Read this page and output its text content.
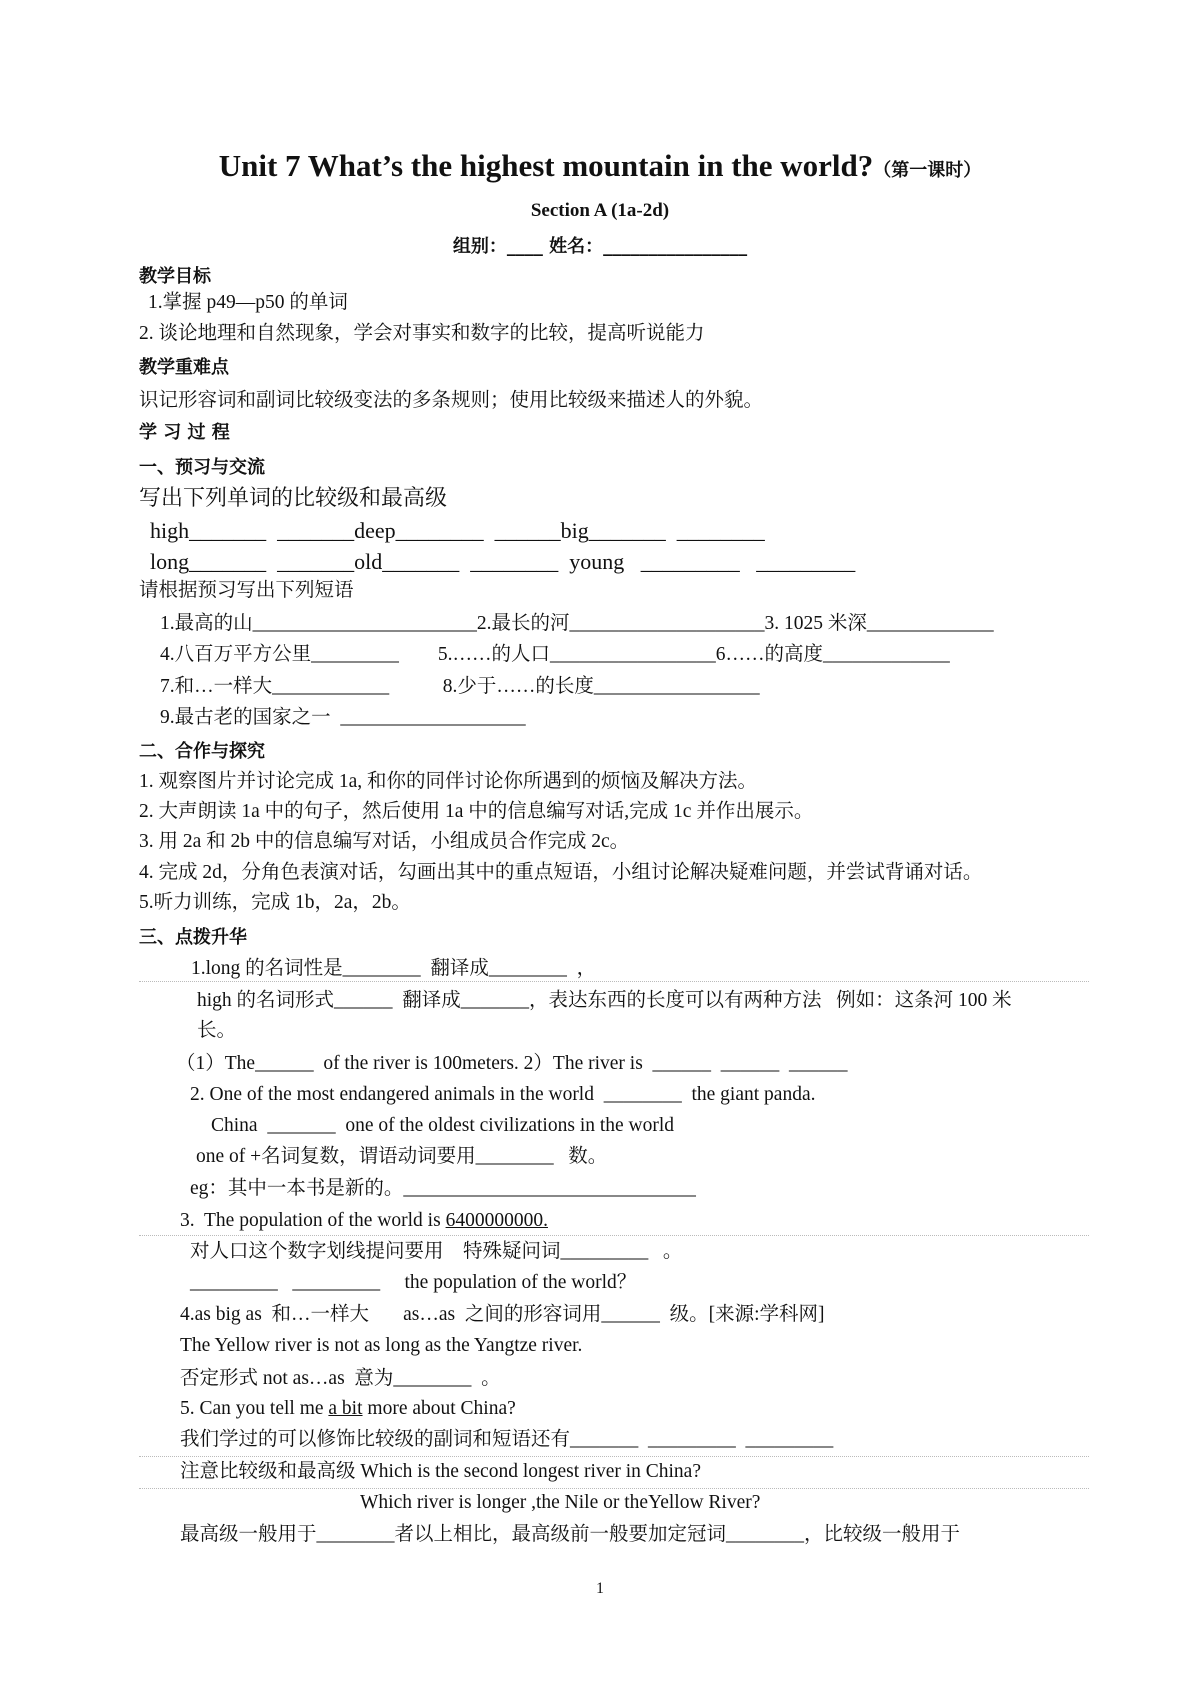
Unit 7 What’s the highest mountain in the world?（第一课时）
Section A (1a-2d)
组别：____ 姓名：________________
教学目标
1.掌握 p49—p50 的单词
2. 谈论地理和自然现象，学会对事实和数字的比较，提高听说能力
教学重难点
识记形容词和副词比较级变法的多条规则；使用比较级来描述人的外貌。
学 习 过 程
一、预习与交流
写出下列单词的比较级和最高级
high_______  _______deep________  ______big_______  ________
long_______  _______old_______  ________  young   _________   _________
请根据预习写出下列短语
1.最高的山_______________________2.最长的河____________________3. 1025 米深_____________
4.八百万平方公里_________        5.……的人口_________________6……的高度_____________
7.和…一样大____________           8.少于……的长度_________________
9.最古老的国家之一  ___________________
二、合作与探究
1. 观察图片并讨论完成 1a, 和你的同伴讨论你所遇到的烦恼及解决方法。
2. 大声朗读 1a 中的句子，然后使用 1a 中的信息编写对话,完成 1c 并作出展示。
3. 用 2a 和 2b 中的信息编写对话，小组成员合作完成 2c。
4. 完成 2d，分角色表演对话，勾画出其中的重点短语，小组讨论解决疑难问题，并尝试背诵对话。
5.听力训练，完成 1b，2a，2b。
三、点拨升华
1.long 的名词性是________  翻译成________  ，
high 的名词形式______  翻译成_______，表达东西的长度可以有两种方法   例如：这条河 100 米
长。
（1）The______  of the river is 100meters. 2）The river is  ______  ______  ______
2. One of the most endangered animals in the world  ________  the giant panda.
China  _______  one of the oldest civilizations in the world
one of +名词复数，谓语动词要用________   数。
eg：其中一本书是新的。______________________________
3.  The population of the world is 6400000000.
对人口这个数字划线提问要用    特殊疑问词_________   。
_________   _________     the population of the world？
4.as big as  和…一样大       as…as  之间的形容词用______  级。[来源:学科网]
The Yellow river is not as long as the Yangtze river.
否定形式 not as…as  意为________  。
5. Can you tell me a bit more about China?
我们学过的可以修饰比较级的副词和短语还有_______  _________  _________
注意比较级和最高级 Which is the second longest river in China?
Which river is longer ,the Nile or theYellow River?
最高级一般用于________者以上相比，最高级前一般要加定冠词________，比较级一般用于
1
